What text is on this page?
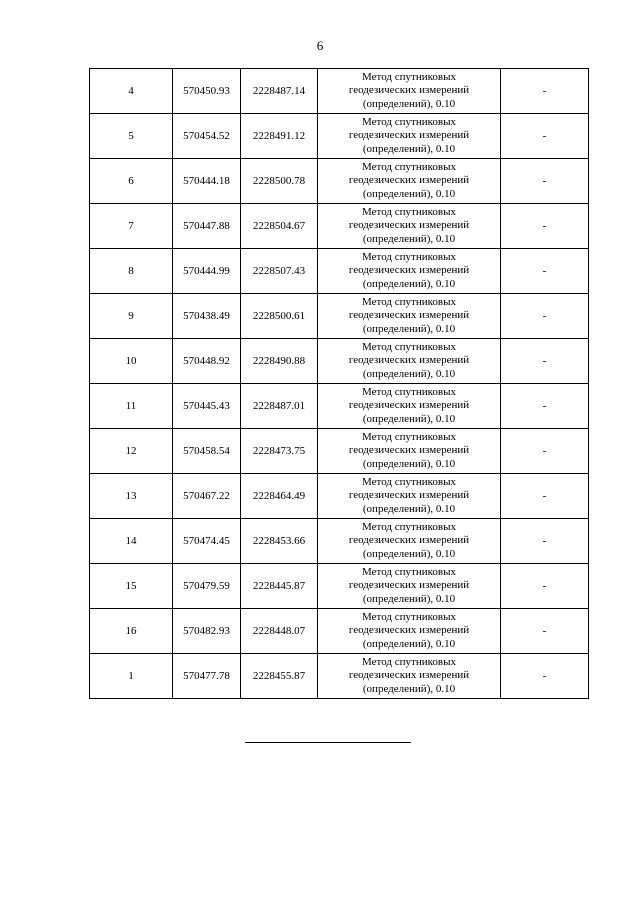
6
4	570450.93	2228487.14	Метод спутниковых
геодезических измерений
(определений), 0.10	-
5	570454.52	2228491.12	Метод спутниковых
геодезических измерений
(определений), 0.10	-
6	570444.18	2228500.78	Метод спутниковых
геодезических измерений
(определений), 0.10	-
7	570447.88	2228504.67	Метод спутниковых
геодезических измерений
(определений), 0.10	-
8	570444.99	2228507.43	Метод спутниковых
геодезических измерений
(определений), 0.10	-
9	570438.49	2228500.61	Метод спутниковых
геодезических измерений
(определений), 0.10	-
10	570448.92	2228490.88	Метод спутниковых
геодезических измерений
(определений), 0.10	-
11	570445.43	2228487.01	Метод спутниковых
геодезических измерений
(определений), 0.10	-
12	570458.54	2228473.75	Метод спутниковых
геодезических измерений
(определений), 0.10	-
13	570467.22	2228464.49	Метод спутниковых
геодезических измерений
(определений), 0.10	-
14	570474.45	2228453.66	Метод спутниковых
геодезических измерений
(определений), 0.10	-
15	570479.59	2228445.87	Метод спутниковых
геодезических измерений
(определений), 0.10	-
16	570482.93	2228448.07	Метод спутниковых
геодезических измерений
(определений), 0.10	-
1	570477.78	2228455.87	Метод спутниковых
геодезических измерений
(определений), 0.10	-
